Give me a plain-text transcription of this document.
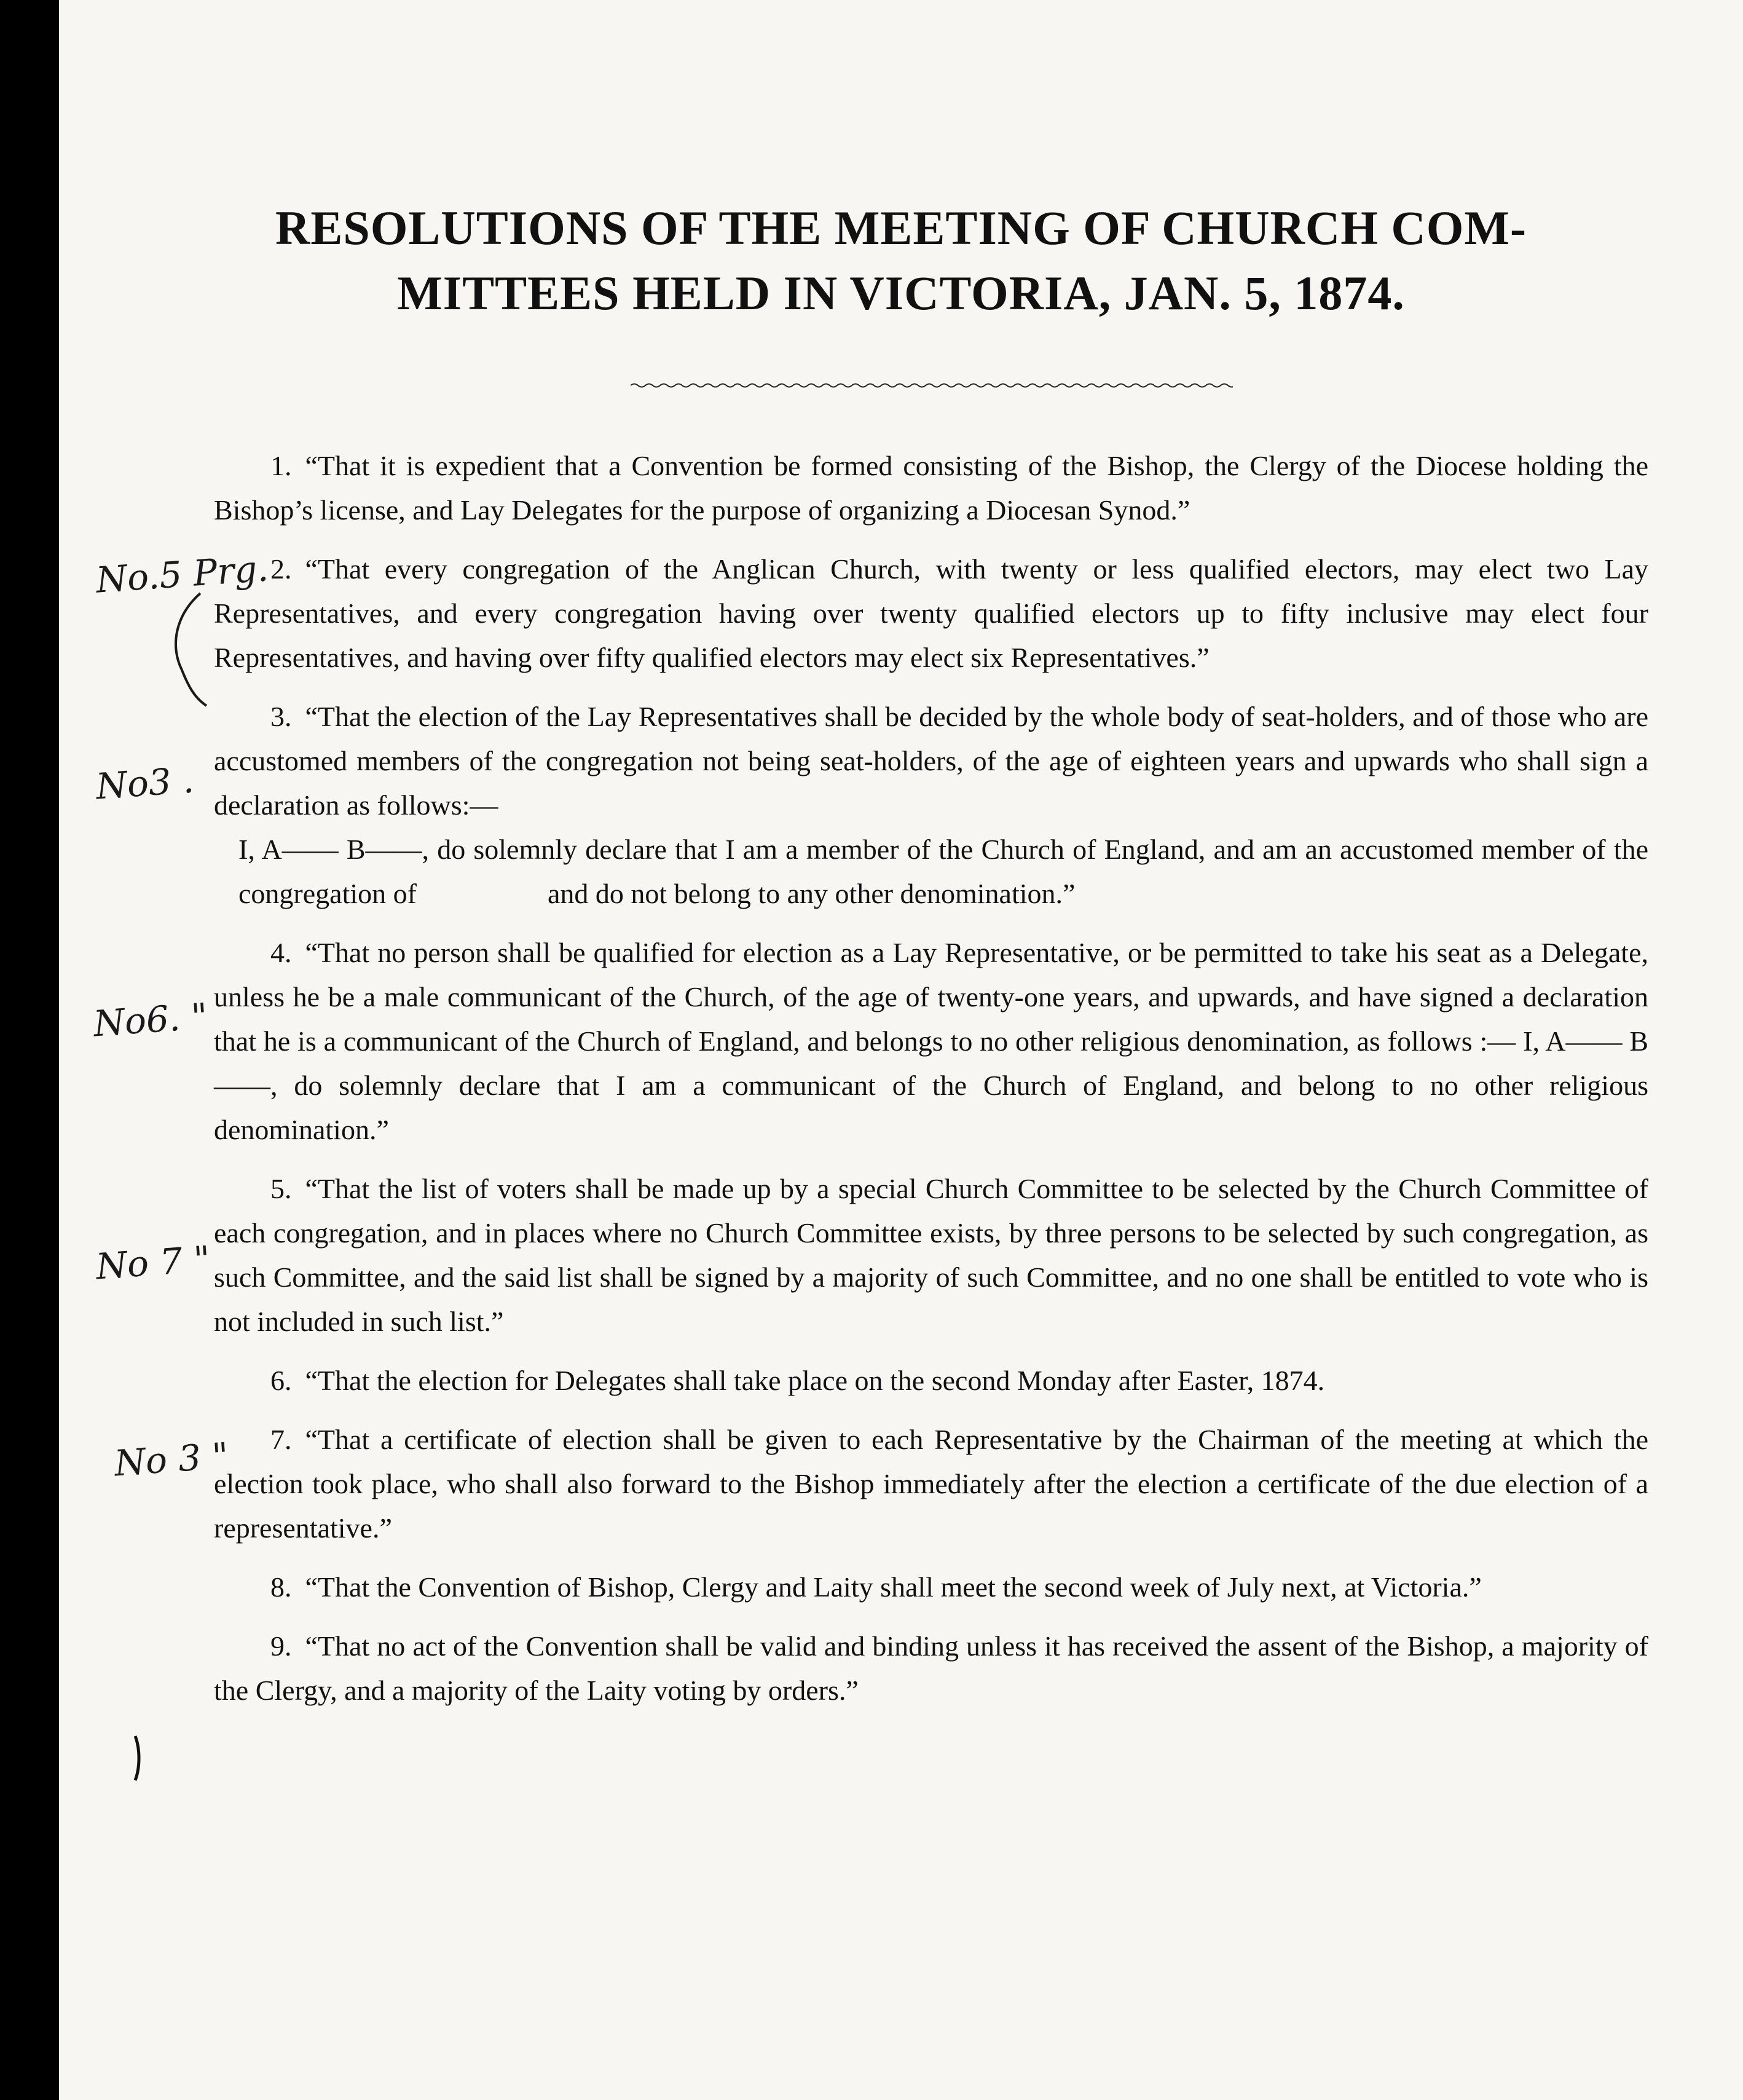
RESOLUTIONS OF THE MEETING OF CHURCH COM-
MITTEES HELD IN VICTORIA, JAN. 5, 1874.

1. “That it is expedient that a Convention be formed consisting of the Bishop, the Clergy of the Diocese holding the Bishop’s license, and Lay Delegates for the purpose of organizing a Diocesan Synod.”

2. “That every congregation of the Anglican Church, with twenty or less qualified electors, may elect two Lay Representatives, and every congregation having over twenty qualified electors up to fifty inclusive may elect four Representatives, and having over fifty qualified electors may elect six Representatives.”

3. “That the election of the Lay Representatives shall be decided by the whole body of seat-holders, and of those who are accustomed members of the congregation not being seat-holders, of the age of eighteen years and upwards who shall sign a declaration as follows:—

I, A—— B——, do solemnly declare that I am a member of the Church of England, and am an accustomed member of the congregation of	and do not belong to any other denomination.”

4. “That no person shall be qualified for election as a Lay Representative, or be permitted to take his seat as a Delegate, unless he be a male communicant of the Church, of the age of twenty-one years, and upwards, and have signed a declaration that he is a communicant of the Church of England, and belongs to no other religious denomination, as follows :— I, A—— B——, do solemnly declare that I am a communicant of the Church of England, and belong to no other religious denomination.”

5. “That the list of voters shall be made up by a special Church Committee to be selected by the Church Committee of each congregation, and in places where no Church Committee exists, by three persons to be selected by such congregation, as such Committee, and the said list shall be signed by a majority of such Committee, and no one shall be entitled to vote who is not included in such list.”

6. “That the election for Delegates shall take place on the second Monday after Easter, 1874.

7. “That a certificate of election shall be given to each Representative by the Chairman of the meeting at which the election took place, who shall also forward to the Bishop immediately after the election a certificate of the due election of a representative.”

8. “That the Convention of Bishop, Clergy and Laity shall meet the second week of July next, at Victoria.”

9. “That no act of the Convention shall be valid and binding unless it has received the assent of the Bishop, a majority of the Clergy, and a majority of the Laity voting by orders.”

No.5 Prg.
No3 .
No6. "
No 7 "
No 3 "
